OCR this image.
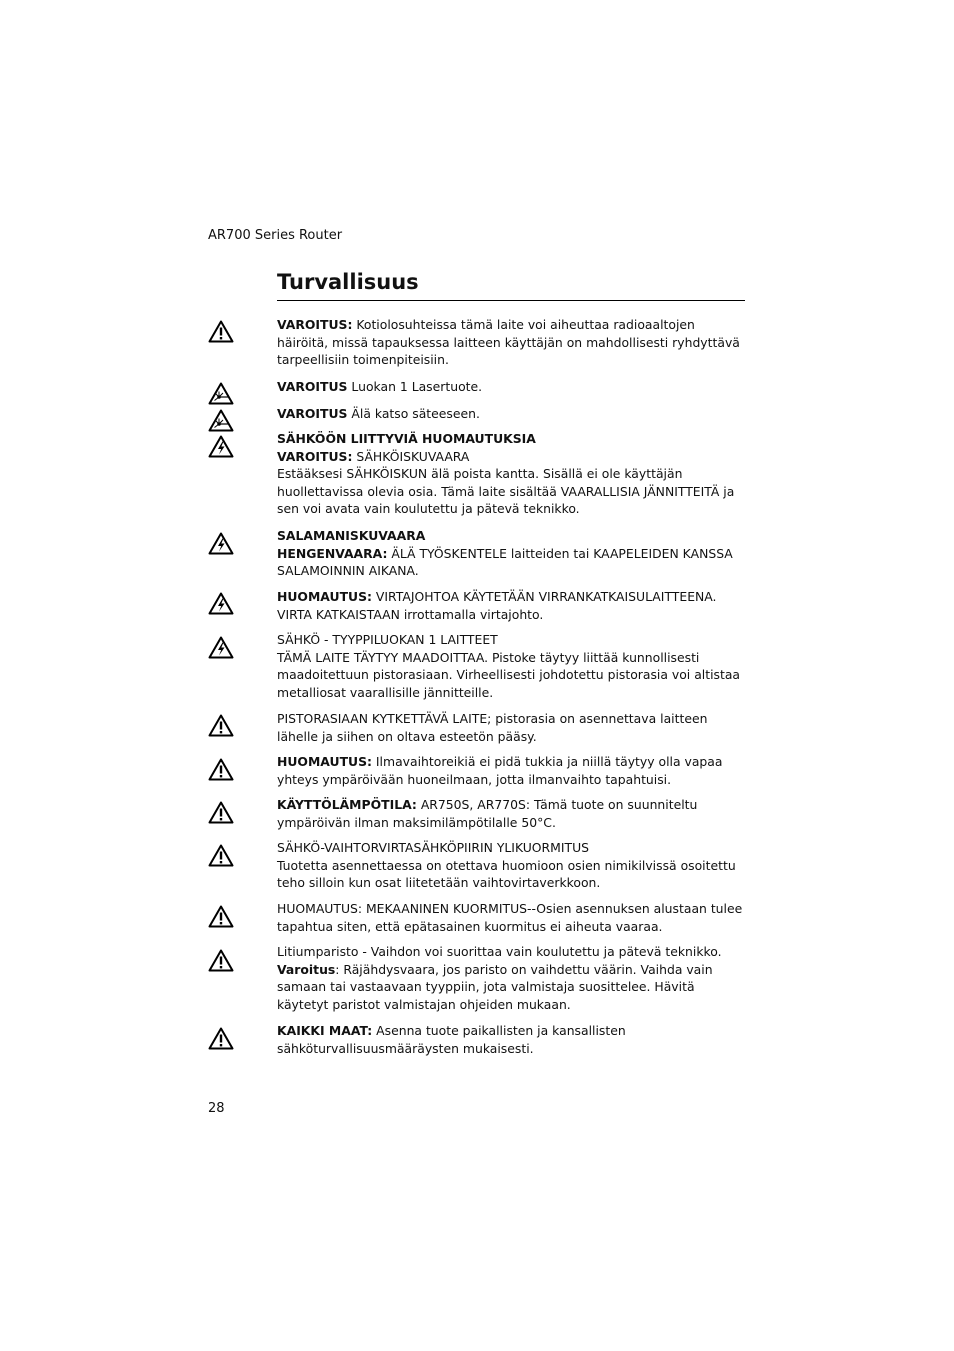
AR700 Series Router
Turvallisuus

VAROITUS: Kotiolosuhteissa tämä laite voi aiheuttaa radioaaltojen häiröitä, missä tapauksessa laitteen käyttäjän on mahdollisesti ryhdyttävä tarpeellisiin toimenpiteisiin.

VAROITUS Luokan 1 Lasertuote.

VAROITUS Älä katso säteeseen.

SÄHKÖÖN LIITTYVIÄ HUOMAUTUKSIA

VAROITUS: SÄHKÖISKUVAARA

Estääksesi SÄHKÖISKUN älä poista kantta. Sisällä ei ole käyttäjän huollettavissa olevia osia. Tämä laite sisältää VAARALLISIA JÄNNITTEITÄ ja sen voi avata vain koulutettu ja pätevä teknikko.

SALAMANISKUVAARA

HENGENVAARA: ÄLÄ TYÖSKENTELE laitteiden tai KAAPELEIDEN KANSSA SALAMOINNIN AIKANA.

HUOMAUTUS: VIRTAJOHTOA KÄYTETÄÄN VIRRANKATKAISULAITTEENA. VIRTA KATKAISTAAN irrottamalla virtajohto.

SÄHKÖ - TYYPPILUOKAN 1 LAITTEET

TÄMÄ LAITE TÄYTYY MAADOITTAA. Pistoke täytyy liittää kunnollisesti maadoitettuun pistorasiaan. Virheellisesti johdotettu pistorasia voi altistaa metalliosat vaarallisille jännitteille.

PISTORASIAAN KYTKETTÄVÄ LAITE; pistorasia on asennettava laitteen lähelle ja siihen on oltava esteetön pääsy.

HUOMAUTUS: Ilmavaihtoreikiä ei pidä tukkia ja niillä täytyy olla vapaa yhteys ympäröivään huoneilmaan, jotta ilmanvaihto tapahtuisi.

KÄYTTÖLÄMPÖTILA: AR750S, AR770S: Tämä tuote on suunniteltu ympäröivän ilman maksimilämpötilalle 50°C.

SÄHKÖ-VAIHTORVIRTASÄHKÖPIIRIN YLIKUORMITUS

Tuotetta asennettaessa on otettava huomioon osien nimikilvissä osoitettu teho silloin kun osat liitetetään vaihtovirtaverkkoon.

HUOMAUTUS: MEKAANINEN KUORMITUS--Osien asennuksen alustaan tulee tapahtua siten, että epätasainen kuormitus ei aiheuta vaaraa.

Litiumparisto - Vaihdon voi suorittaa vain koulutettu ja pätevä teknikko.

Varoitus: Räjähdysvaara, jos paristo on vaihdettu väärin. Vaihda vain samaan tai vastaavaan tyyppiin, jota valmistaja suosittelee. Hävitä käytetyt paristot valmistajan ohjeiden mukaan.

KAIKKI MAAT: Asenna tuote paikallisten ja kansallisten sähköturvallisuusmääräysten mukaisesti.

28
